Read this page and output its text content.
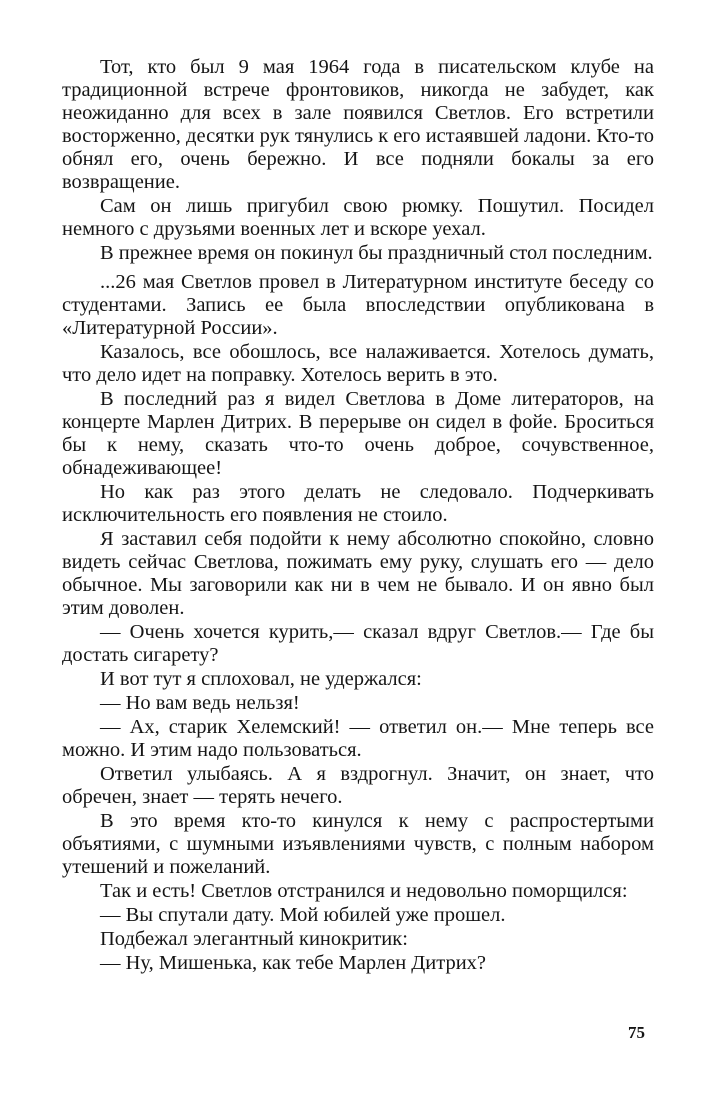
Тот, кто был 9 мая 1964 года в писательском клубе на традиционной встрече фронтовиков, никогда не забудет, как неожиданно для всех в зале появился Светлов. Его встретили восторженно, десятки рук тянулись к его истаявшей ладони. Кто-то обнял его, очень бережно. И все подняли бокалы за его возвращение.

Сам он лишь пригубил свою рюмку. Пошутил. Посидел немного с друзьями военных лет и вскоре уехал.

В прежнее время он покинул бы праздничный стол последним.

...26 мая Светлов провел в Литературном институте беседу со студентами. Запись ее была впоследствии опубликована в «Литературной России».

Казалось, все обошлось, все налаживается. Хотелось думать, что дело идет на поправку. Хотелось верить в это.

В последний раз я видел Светлова в Доме литераторов, на концерте Марлен Дитрих. В перерыве он сидел в фойе. Броситься бы к нему, сказать что-то очень доброе, сочувственное, обнадеживающее!

Но как раз этого делать не следовало. Подчеркивать исключительность его появления не стоило.

Я заставил себя подойти к нему абсолютно спокойно, словно видеть сейчас Светлова, пожимать ему руку, слушать его — дело обычное. Мы заговорили как ни в чем не бывало. И он явно был этим доволен.

— Очень хочется курить,— сказал вдруг Светлов.— Где бы достать сигарету?

И вот тут я сплоховал, не удержался:

— Но вам ведь нельзя!

— Ах, старик Хелемский! — ответил он.— Мне теперь все можно. И этим надо пользоваться.

Ответил улыбаясь. А я вздрогнул. Значит, он знает, что обречен, знает — терять нечего.

В это время кто-то кинулся к нему с распростертыми объятиями, с шумными изъявлениями чувств, с полным набором утешений и пожеланий.

Так и есть! Светлов отстранился и недовольно поморщился:

— Вы спутали дату. Мой юбилей уже прошел.

Подбежал элегантный кинокритик:

— Ну, Мишенька, как тебе Марлен Дитрих?

75
